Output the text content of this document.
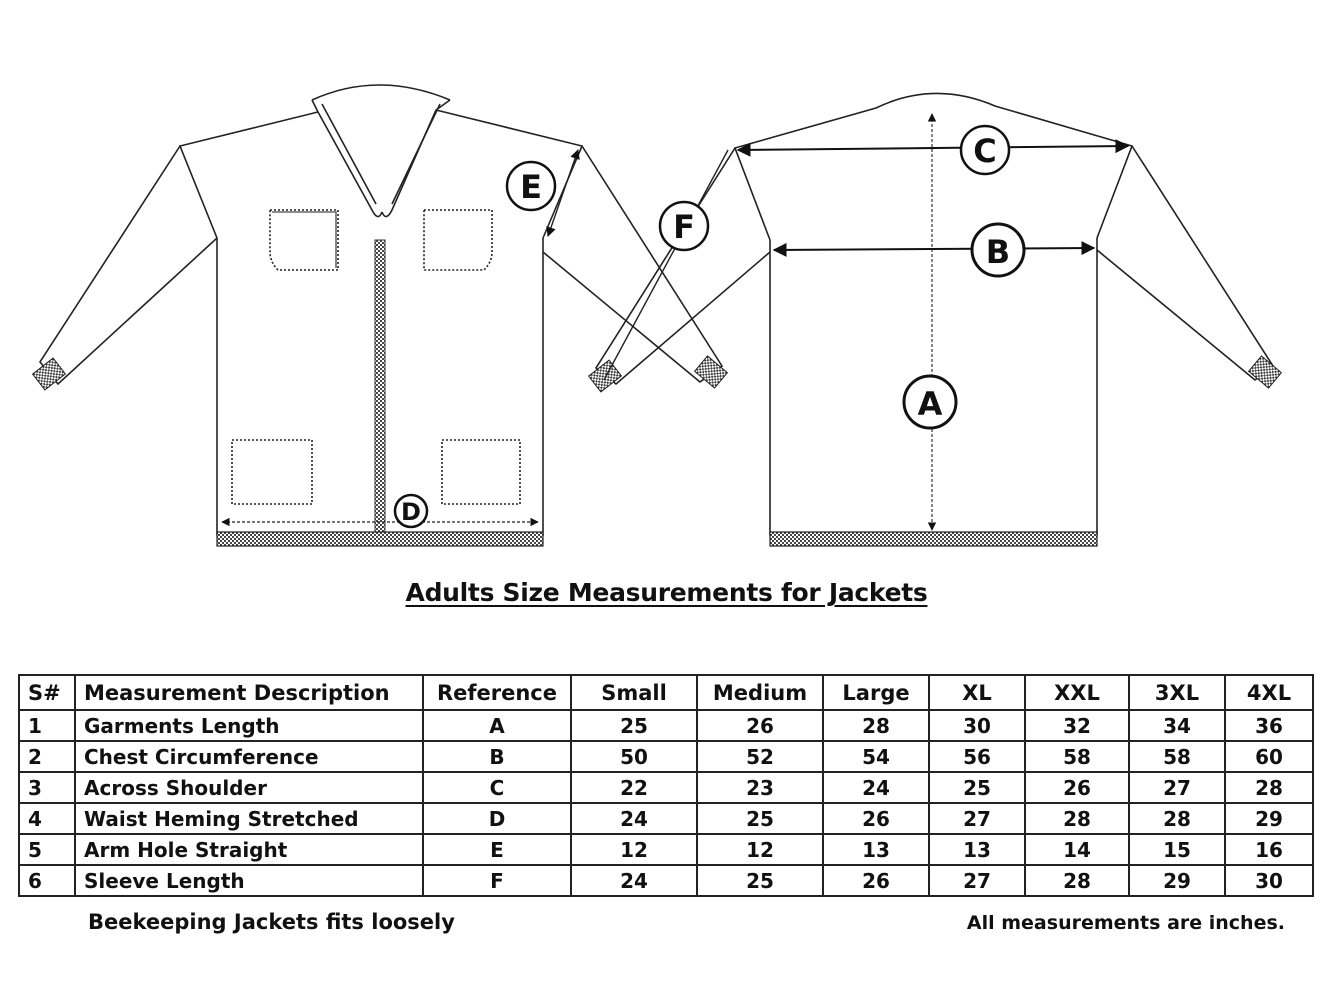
D
E
F
C
B
A
Adults Size Measurements for Jackets
S#	Measurement Description	Reference	Small	Medium	Large	XL	XXL	3XL	4XL
1	Garments Length	A	25	26	28	30	32	34	36
2	Chest Circumference	B	50	52	54	56	58	58	60
3	Across Shoulder	C	22	23	24	25	26	27	28
4	Waist Heming Stretched	D	24	25	26	27	28	28	29
5	Arm Hole Straight	E	12	12	13	13	14	15	16
6	Sleeve Length	F	24	25	26	27	28	29	30
Beekeeping Jackets fits loosely	All measurements are inches.
